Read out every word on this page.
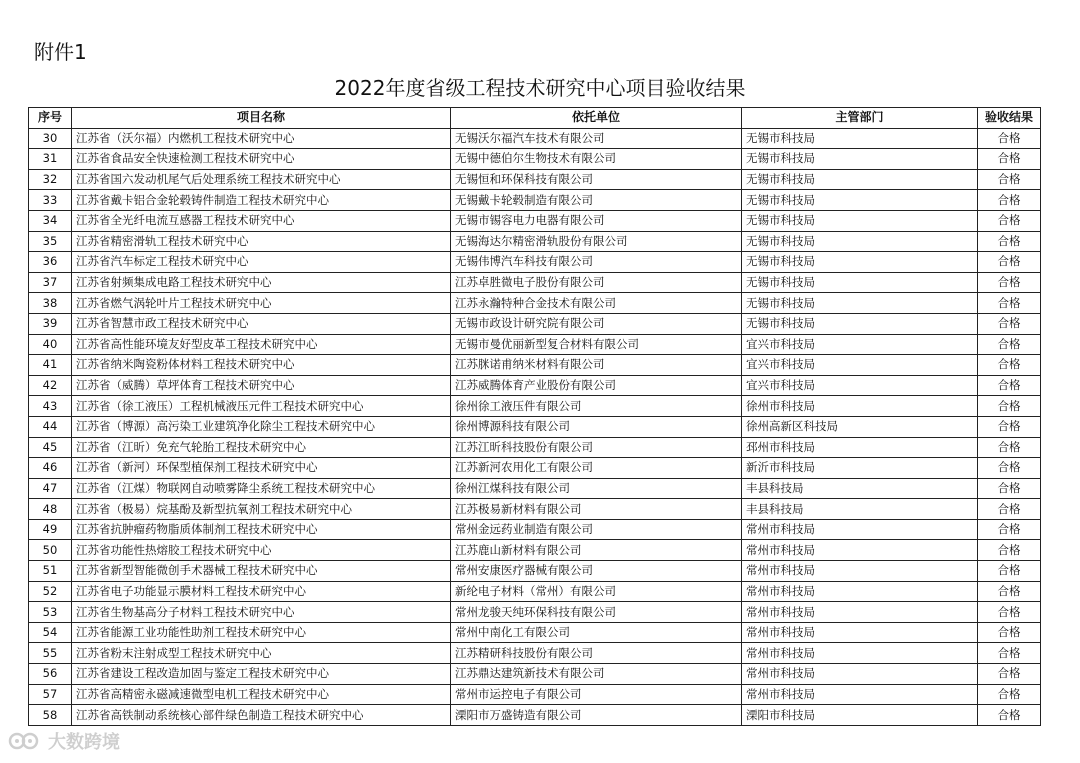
附件1
2022年度省级工程技术研究中心项目验收结果
序号	项目名称	依托单位	主管部门	验收结果
30	江苏省（沃尔福）内燃机工程技术研究中心	无锡沃尔福汽车技术有限公司	无锡市科技局	合格
31	江苏省食品安全快速检测工程技术研究中心	无锡中德伯尔生物技术有限公司	无锡市科技局	合格
32	江苏省国六发动机尾气后处理系统工程技术研究中心	无锡恒和环保科技有限公司	无锡市科技局	合格
33	江苏省戴卡铝合金轮毂铸件制造工程技术研究中心	无锡戴卡轮毂制造有限公司	无锡市科技局	合格
34	江苏省全光纤电流互感器工程技术研究中心	无锡市锡容电力电器有限公司	无锡市科技局	合格
35	江苏省精密滑轨工程技术研究中心	无锡海达尔精密滑轨股份有限公司	无锡市科技局	合格
36	江苏省汽车标定工程技术研究中心	无锡伟博汽车科技有限公司	无锡市科技局	合格
37	江苏省射频集成电路工程技术研究中心	江苏卓胜微电子股份有限公司	无锡市科技局	合格
38	江苏省燃气涡轮叶片工程技术研究中心	江苏永瀚特种合金技术有限公司	无锡市科技局	合格
39	江苏省智慧市政工程技术研究中心	无锡市政设计研究院有限公司	无锡市科技局	合格
40	江苏省高性能环境友好型皮革工程技术研究中心	无锡市曼优丽新型复合材料有限公司	宜兴市科技局	合格
41	江苏省纳米陶瓷粉体材料工程技术研究中心	江苏脒诺甫纳米材料有限公司	宜兴市科技局	合格
42	江苏省（威腾）草坪体育工程技术研究中心	江苏威腾体育产业股份有限公司	宜兴市科技局	合格
43	江苏省（徐工液压）工程机械液压元件工程技术研究中心	徐州徐工液压件有限公司	徐州市科技局	合格
44	江苏省（博源）高污染工业建筑净化除尘工程技术研究中心	徐州博源科技有限公司	徐州高新区科技局	合格
45	江苏省（江昕）免充气轮胎工程技术研究中心	江苏江昕科技股份有限公司	邳州市科技局	合格
46	江苏省（新河）环保型植保剂工程技术研究中心	江苏新河农用化工有限公司	新沂市科技局	合格
47	江苏省（江煤）物联网自动喷雾降尘系统工程技术研究中心	徐州江煤科技有限公司	丰县科技局	合格
48	江苏省（极易）烷基酚及新型抗氧剂工程技术研究中心	江苏极易新材料有限公司	丰县科技局	合格
49	江苏省抗肿瘤药物脂质体制剂工程技术研究中心	常州金远药业制造有限公司	常州市科技局	合格
50	江苏省功能性热熔胶工程技术研究中心	江苏鹿山新材料有限公司	常州市科技局	合格
51	江苏省新型智能微创手术器械工程技术研究中心	常州安康医疗器械有限公司	常州市科技局	合格
52	江苏省电子功能显示膜材料工程技术研究中心	新纶电子材料（常州）有限公司	常州市科技局	合格
53	江苏省生物基高分子材料工程技术研究中心	常州龙骏天纯环保科技有限公司	常州市科技局	合格
54	江苏省能源工业功能性助剂工程技术研究中心	常州中南化工有限公司	常州市科技局	合格
55	江苏省粉末注射成型工程技术研究中心	江苏精研科技股份有限公司	常州市科技局	合格
56	江苏省建设工程改造加固与鉴定工程技术研究中心	江苏鼎达建筑新技术有限公司	常州市科技局	合格
57	江苏省高精密永磁减速微型电机工程技术研究中心	常州市运控电子有限公司	常州市科技局	合格
58	江苏省高铁制动系统核心部件绿色制造工程技术研究中心	溧阳市万盛铸造有限公司	溧阳市科技局	合格
大数跨境
